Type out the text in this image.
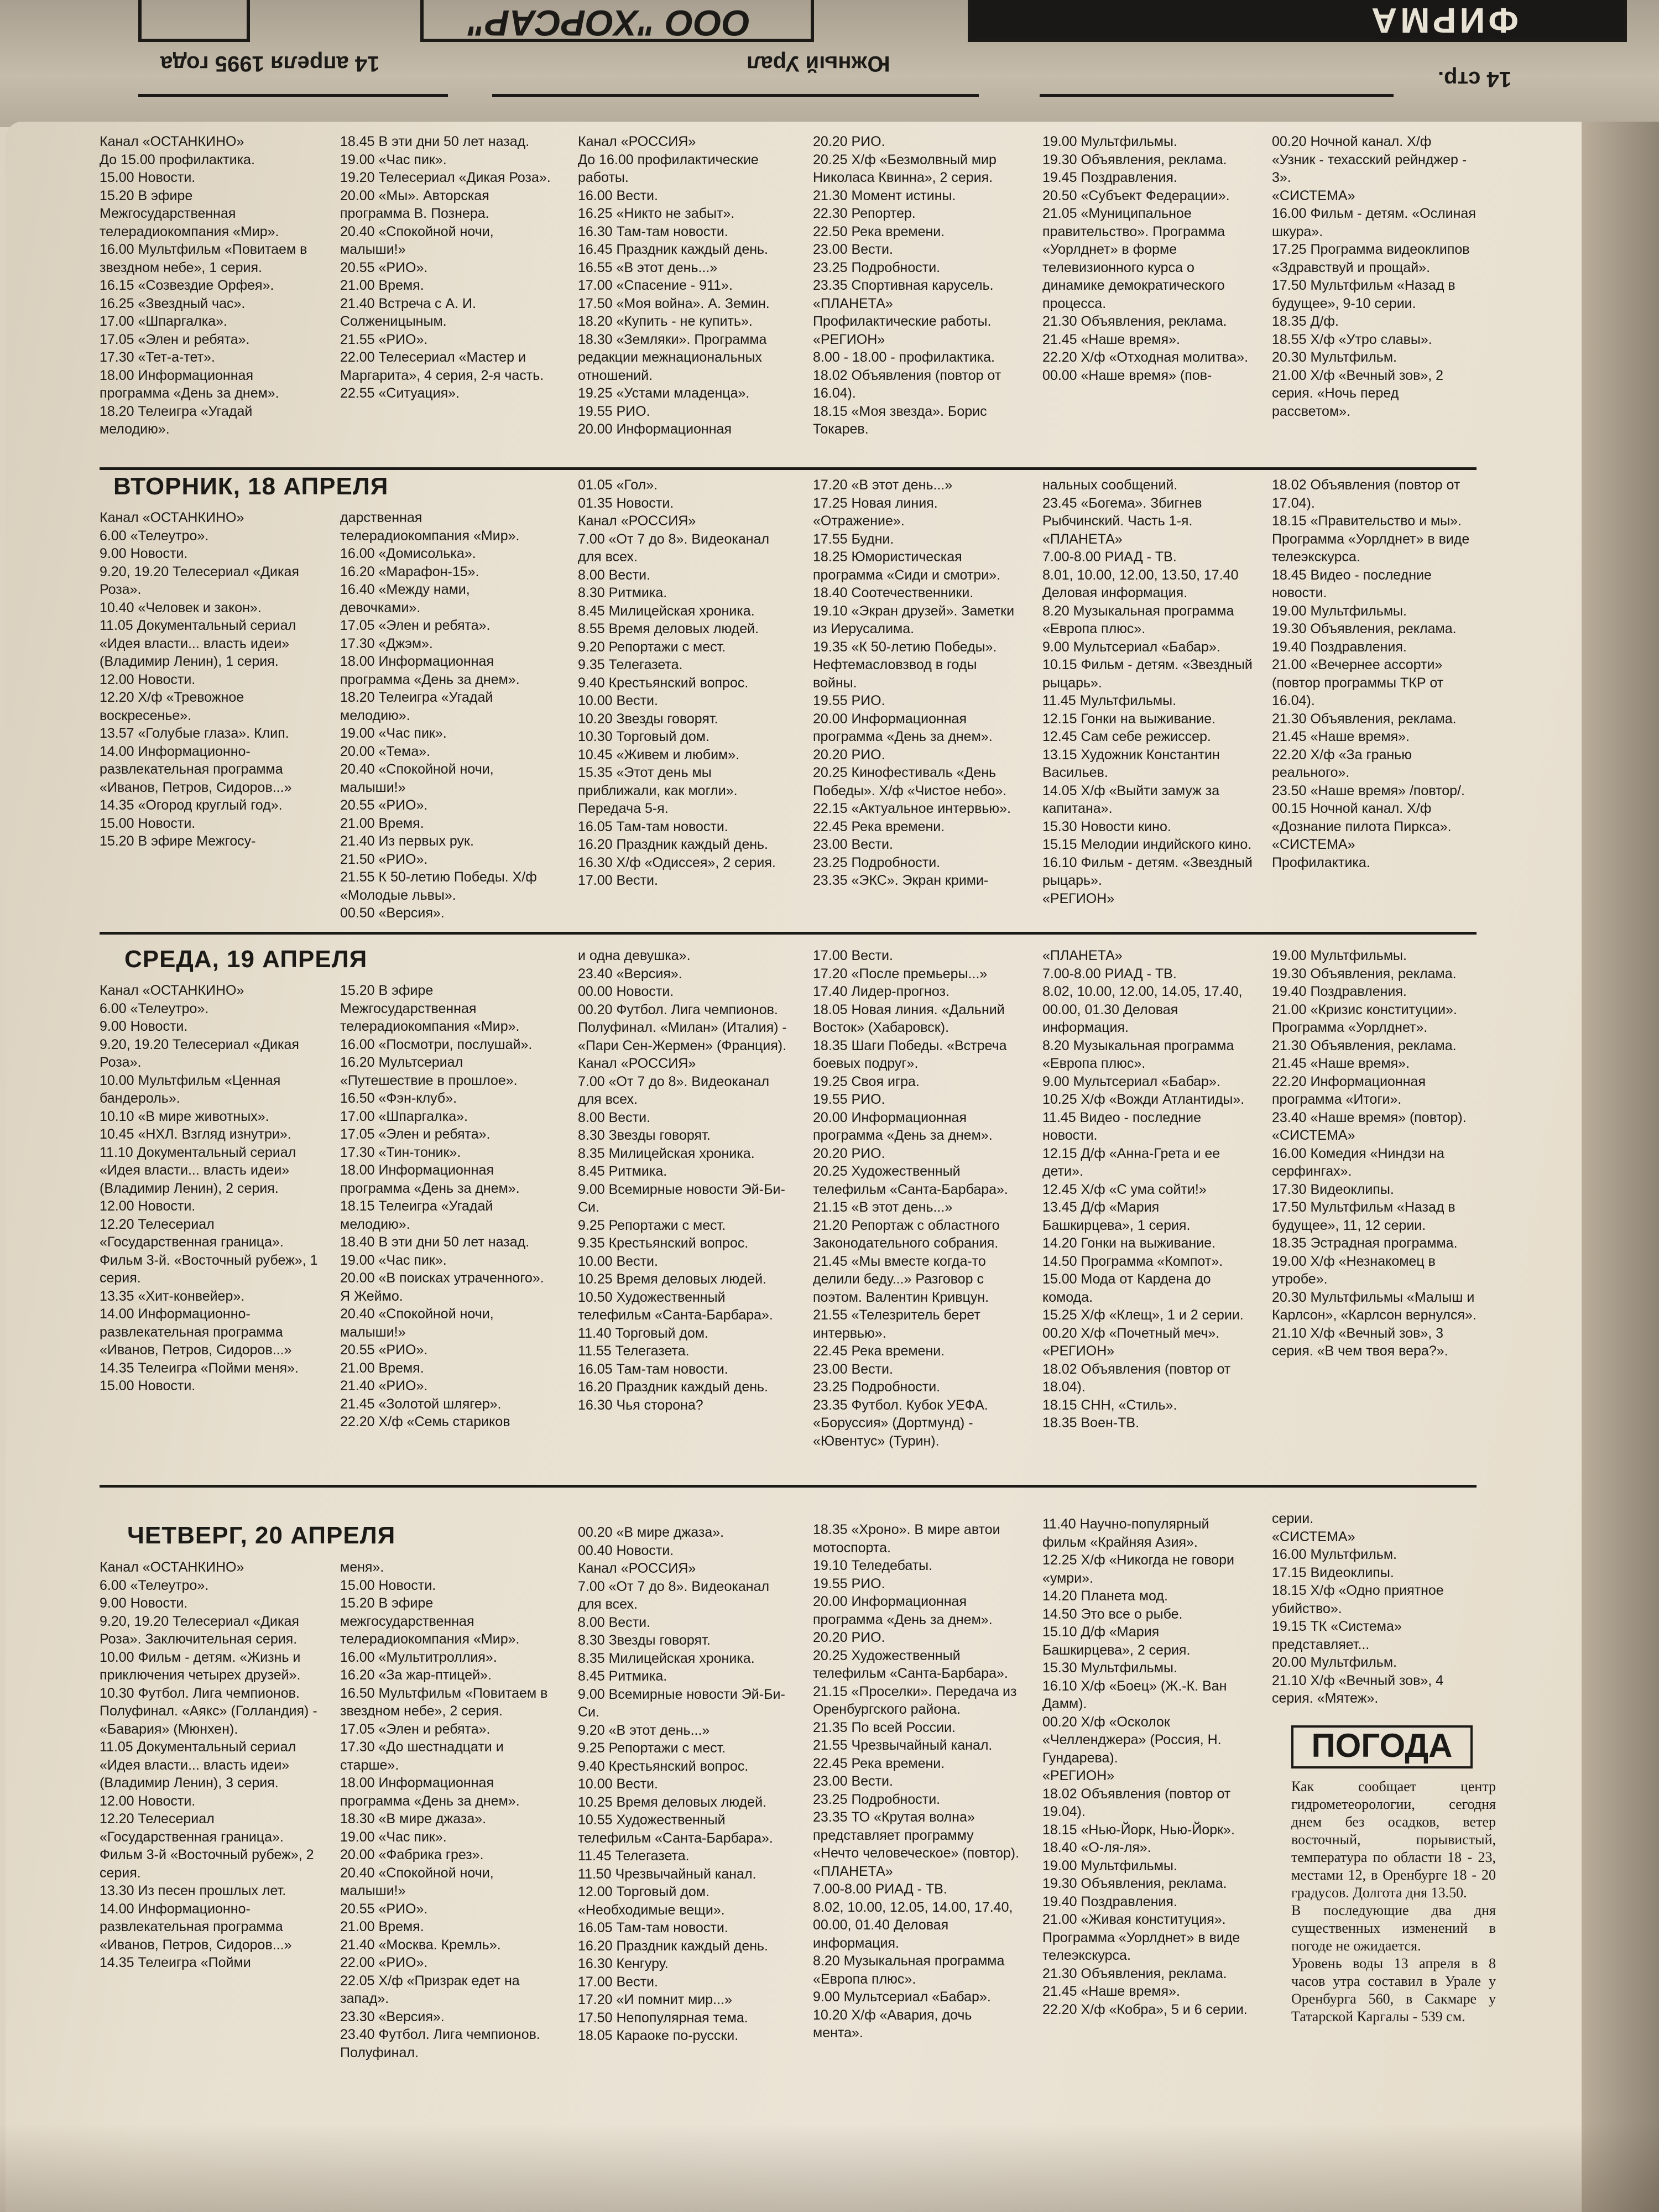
ООО "ХОРСАР"	ФИРМА
14 апреля 1995 года	Южный Урал
14 стр.
Канал «ОСТАНКИНО»
До 15.00 профилактика.
15.00 Новости.
15.20 В эфире Межгосударственная телерадиокомпания «Мир».
16.00 Мультфильм «Повитаем в звездном небе», 1 серия.
16.15 «Созвездие Орфея».
16.25 «Звездный час».
17.00 «Шпаргалка».
17.05 «Элен и ребята».
17.30 «Тет-а-тет».
18.00 Информационная программа «День за днем».
18.20 Телеигра «Угадай мелодию».
18.45 В эти дни 50 лет назад.
19.00 «Час пик».
19.20 Телесериал «Дикая Роза».
20.00 «Мы». Авторская программа В. Познера.
20.40 «Спокойной ночи, малыши!»
20.55 «РИО».
21.00 Время.
21.40 Встреча с А. И. Солженицыным.
21.55 «РИО».
22.00 Телесериал «Мастер и Маргарита», 4 серия, 2-я часть.
22.55 «Ситуация».
Канал «РОССИЯ»
До 16.00 профилактические работы.
16.00 Вести.
16.25 «Никто не забыт».
16.30 Там-там новости.
16.45 Праздник каждый день.
16.55 «В этот день...»
17.00 «Спасение - 911».
17.50 «Моя война». А. Земин.
18.20 «Купить - не купить».
18.30 «Земляки». Программа редакции межнациональных отношений.
19.25 «Устами младенца».
19.55 РИО.
20.00 Информационная
20.20 РИО.
20.25 Х/ф «Безмолвный мир Николаса Квинна», 2 серия.
21.30 Момент истины.
22.30 Репортер.
22.50 Река времени.
23.00 Вести.
23.25 Подробности.
23.35 Спортивная карусель.
«ПЛАНЕТА»
Профилактические работы.
«РЕГИОН»
8.00 - 18.00 - профилактика.
18.02 Объявления (повтор от 16.04).
18.15 «Моя звезда». Борис Токарев.
19.00 Мультфильмы.
19.30 Объявления, реклама.
19.45 Поздравления.
20.50 «Субъект Федерации».
21.05 «Муниципальное правительство». Программа «Уорлднет» в форме телевизионного курса о динамике демократического процесса.
21.30 Объявления, реклама.
21.45 «Наше время».
22.20 Х/ф «Отходная молитва».
00.00 «Наше время» (пов-
00.20 Ночной канал. Х/ф «Узник - техасский рейнджер - 3».
«СИСТЕМА»
16.00 Фильм - детям. «Ослиная шкура».
17.25 Программа видеоклипов «Здравствуй и прощай».
17.50 Мультфильм «Назад в будущее», 9-10 серии.
18.35 Д/ф.
18.55 Х/ф «Утро славы».
20.30 Мультфильм.
21.00 Х/ф «Вечный зов», 2 серия. «Ночь перед рассветом».
ВТОРНИК, 18 АПРЕЛЯ
Канал «ОСТАНКИНО»
6.00 «Телеутро».
9.00 Новости.
9.20, 19.20 Телесериал «Дикая Роза».
10.40 «Человек и закон».
11.05 Документальный сериал «Идея власти... власть идеи» (Владимир Ленин), 1 серия.
12.00 Новости.
12.20 Х/ф «Тревожное воскресенье».
13.57 «Голубые глаза». Клип.
14.00 Информационно-развлекательная программа «Иванов, Петров, Сидоров...»
14.35 «Огород круглый год».
15.00 Новости.
15.20 В эфире Межгосу-
дарственная телерадиокомпания «Мир».
16.00 «Домисолька».
16.20 «Марафон-15».
16.40 «Между нами, девочками».
17.05 «Элен и ребята».
17.30 «Джэм».
18.00 Информационная программа «День за днем».
18.20 Телеигра «Угадай мелодию».
19.00 «Час пик».
20.00 «Тема».
20.40 «Спокойной ночи, малыши!»
20.55 «РИО».
21.00 Время.
21.40 Из первых рук.
21.50 «РИО».
21.55 К 50-летию Победы. Х/ф «Молодые львы».
00.50 «Версия».
01.05 «Гол».
01.35 Новости.
Канал «РОССИЯ»
7.00 «От 7 до 8». Видеоканал для всех.
8.00 Вести.
8.30 Ритмика.
8.45 Милицейская хроника.
8.55 Время деловых людей.
9.20 Репортажи с мест.
9.35 Телегазета.
9.40 Крестьянский вопрос.
10.00 Вести.
10.20 Звезды говорят.
10.30 Торговый дом.
10.45 «Живем и любим».
15.35 «Этот день мы приближали, как могли». Передача 5-я.
16.05 Там-там новости.
16.20 Праздник каждый день.
16.30 Х/ф «Одиссея», 2 серия.
17.00 Вести.
17.20 «В этот день...»
17.25 Новая линия. «Отражение».
17.55 Будни.
18.25 Юмористическая программа «Сиди и смотри».
18.40 Соотечественники.
19.10 «Экран друзей». Заметки из Иерусалима.
19.35 «К 50-летию Победы». Нефтемасловзвод в годы войны.
19.55 РИО.
20.00 Информационная программа «День за днем».
20.20 РИО.
20.25 Кинофестиваль «День Победы». Х/ф «Чистое небо».
22.15 «Актуальное интервью».
22.45 Река времени.
23.00 Вести.
23.25 Подробности.
23.35 «ЭКС». Экран крими-
нальных сообщений.
23.45 «Богема». Збигнев Рыбчинский. Часть 1-я.
«ПЛАНЕТА»
7.00-8.00 РИАД - ТВ.
8.01, 10.00, 12.00, 13.50, 17.40 Деловая информация.
8.20 Музыкальная программа «Европа плюс».
9.00 Мультсериал «Бабар».
10.15 Фильм - детям. «Звездный рыцарь».
11.45 Мультфильмы.
12.15 Гонки на выживание.
12.45 Сам себе режиссер.
13.15 Художник Константин Васильев.
14.05 Х/ф «Выйти замуж за капитана».
15.30 Новости кино.
15.15 Мелодии индийского кино.
16.10 Фильм - детям. «Звездный рыцарь».
«РЕГИОН»
18.02 Объявления (повтор от 17.04).
18.15 «Правительство и мы». Программа «Уорлднет» в виде телеэкскурса.
18.45 Видео - последние новости.
19.00 Мультфильмы.
19.30 Объявления, реклама.
19.40 Поздравления.
21.00 «Вечернее ассорти» (повтор программы ТКР от 16.04).
21.30 Объявления, реклама.
21.45 «Наше время».
22.20 Х/ф «За гранью реального».
23.50 «Наше время» /повтор/.
00.15 Ночной канал. Х/ф «Дознание пилота Пиркса».
«СИСТЕМА»
Профилактика.
СРЕДА, 19 АПРЕЛЯ
Канал «ОСТАНКИНО»
6.00 «Телеутро».
9.00 Новости.
9.20, 19.20 Телесериал «Дикая Роза».
10.00 Мультфильм «Ценная бандероль».
10.10 «В мире животных».
10.45 «НХЛ. Взгляд изнутри».
11.10 Документальный сериал «Идея власти... власть идеи» (Владимир Ленин), 2 серия.
12.00 Новости.
12.20 Телесериал «Государственная граница». Фильм 3-й. «Восточный рубеж», 1 серия.
13.35 «Хит-конвейер».
14.00 Информационно-развлекательная программа «Иванов, Петров, Сидоров...»
14.35 Телеигра «Пойми меня».
15.00 Новости.
15.20 В эфире Межгосударственная телерадиокомпания «Мир».
16.00 «Посмотри, послушай».
16.20 Мультсериал «Путешествие в прошлое».
16.50 «Фэн-клуб».
17.00 «Шпаргалка».
17.05 «Элен и ребята».
17.30 «Тин-тоник».
18.00 Информационная программа «День за днем».
18.15 Телеигра «Угадай мелодию».
18.40 В эти дни 50 лет назад.
19.00 «Час пик».
20.00 «В поисках утраченного». Я Жеймо.
20.40 «Спокойной ночи, малыши!»
20.55 «РИО».
21.00 Время.
21.40 «РИО».
21.45 «Золотой шлягер».
22.20 Х/ф «Семь стариков
и одна девушка».
23.40 «Версия».
00.00 Новости.
00.20 Футбол. Лига чемпионов. Полуфинал. «Милан» (Италия) - «Пари Сен-Жермен» (Франция).
Канал «РОССИЯ»
7.00 «От 7 до 8». Видеоканал для всех.
8.00 Вести.
8.30 Звезды говорят.
8.35 Милицейская хроника.
8.45 Ритмика.
9.00 Всемирные новости Эй-Би-Си.
9.25 Репортажи с мест.
9.35 Крестьянский вопрос.
10.00 Вести.
10.25 Время деловых людей.
10.50 Художественный телефильм «Санта-Барбара».
11.40 Торговый дом.
11.55 Телегазета.
16.05 Там-там новости.
16.20 Праздник каждый день.
16.30 Чья сторона?
17.00 Вести.
17.20 «После премьеры...»
17.40 Лидер-прогноз.
18.05 Новая линия. «Дальний Восток» (Хабаровск).
18.35 Шаги Победы. «Встреча боевых подруг».
19.25 Своя игра.
19.55 РИО.
20.00 Информационная программа «День за днем».
20.20 РИО.
20.25 Художественный телефильм «Санта-Барбара».
21.15 «В этот день...»
21.20 Репортаж с областного Законодательного собрания.
21.45 «Мы вместе когда-то делили беду...» Разговор с поэтом. Валентин Кривцун.
21.55 «Телезритель берет интервью».
22.45 Река времени.
23.00 Вести.
23.25 Подробности.
23.35 Футбол. Кубок УЕФА. «Боруссия» (Дортмунд) - «Ювентус» (Турин).
«ПЛАНЕТА»
7.00-8.00 РИАД - ТВ.
8.02, 10.00, 12.00, 14.05, 17.40, 00.00, 01.30 Деловая информация.
8.20 Музыкальная программа «Европа плюс».
9.00 Мультсериал «Бабар».
10.25 Х/ф «Вожди Атлантиды».
11.45 Видео - последние новости.
12.15 Д/ф «Анна-Грета и ее дети».
12.45 Х/ф «С ума сойти!»
13.45 Д/ф «Мария Башкирцева», 1 серия.
14.20 Гонки на выживание.
14.50 Программа «Компот».
15.00 Мода от Кардена до комода.
15.25 Х/ф «Клещ», 1 и 2 серии.
00.20 Х/ф «Почетный меч».
«РЕГИОН»
18.02 Объявления (повтор от 18.04).
18.15 СНН, «Стиль».
18.35 Воен-ТВ.
19.00 Мультфильмы.
19.30 Объявления, реклама.
19.40 Поздравления.
21.00 «Кризис конституции». Программа «Уорлднет».
21.30 Объявления, реклама.
21.45 «Наше время».
22.20 Информационная программа «Итоги».
23.40 «Наше время» (повтор).
«СИСТЕМА»
16.00 Комедия «Ниндзи на серфингах».
17.30 Видеоклипы.
17.50 Мультфильм «Назад в будущее», 11, 12 серии.
18.35 Эстрадная программа.
19.00 Х/ф «Незнакомец в утробе».
20.30 Мультфильмы «Малыш и Карлсон», «Карлсон вернулся».
21.10 Х/ф «Вечный зов», 3 серия. «В чем твоя вера?».
ЧЕТВЕРГ, 20 АПРЕЛЯ
Канал «ОСТАНКИНО»
6.00 «Телеутро».
9.00 Новости.
9.20, 19.20 Телесериал «Дикая Роза». Заключительная серия.
10.00 Фильм - детям. «Жизнь и приключения четырех друзей».
10.30 Футбол. Лига чемпионов. Полуфинал. «Аякс» (Голландия) - «Бавария» (Мюнхен).
11.05 Документальный сериал «Идея власти... власть идеи» (Владимир Ленин), 3 серия.
12.00 Новости.
12.20 Телесериал «Государственная граница». Фильм 3-й «Восточный рубеж», 2 серия.
13.30 Из песен прошлых лет.
14.00 Информационно-развлекательная программа «Иванов, Петров, Сидоров...»
14.35 Телеигра «Пойми
меня».
15.00 Новости.
15.20 В эфире межгосударственная телерадиокомпания «Мир».
16.00 «Мультитроллия».
16.20 «За жар-птицей».
16.50 Мультфильм «Повитаем в звездном небе», 2 серия.
17.05 «Элен и ребята».
17.30 «До шестнадцати и старше».
18.00 Информационная программа «День за днем».
18.30 «В мире джаза».
19.00 «Час пик».
20.00 «Фабрика грез».
20.40 «Спокойной ночи, малыши!»
20.55 «РИО».
21.00 Время.
21.40 «Москва. Кремль».
22.00 «РИО».
22.05 Х/ф «Призрак едет на запад».
23.30 «Версия».
23.40 Футбол. Лига чемпионов. Полуфинал.
00.20 «В мире джаза».
00.40 Новости.
Канал «РОССИЯ»
7.00 «От 7 до 8». Видеоканал для всех.
8.00 Вести.
8.30 Звезды говорят.
8.35 Милицейская хроника.
8.45 Ритмика.
9.00 Всемирные новости Эй-Би-Си.
9.20 «В этот день...»
9.25 Репортажи с мест.
9.40 Крестьянский вопрос.
10.00 Вести.
10.25 Время деловых людей.
10.55 Художественный телефильм «Санта-Барбара».
11.45 Телегазета.
11.50 Чрезвычайный канал.
12.00 Торговый дом. «Необходимые вещи».
16.05 Там-там новости.
16.20 Праздник каждый день.
16.30 Кенгуру.
17.00 Вести.
17.20 «И помнит мир...»
17.50 Непопулярная тема.
18.05 Караоке по-русски.
18.35 «Хроно». В мире автои мотоспорта.
19.10 Теледебаты.
19.55 РИО.
20.00 Информационная программа «День за днем».
20.20 РИО.
20.25 Художественный телефильм «Санта-Барбара».
21.15 «Проселки». Передача из Оренбургского района.
21.35 По всей России.
21.55 Чрезвычайный канал.
22.45 Река времени.
23.00 Вести.
23.25 Подробности.
23.35 ТО «Крутая волна» представляет программу «Нечто человеческое» (повтор).
«ПЛАНЕТА»
7.00-8.00 РИАД - ТВ.
8.02, 10.00, 12.05, 14.00, 17.40, 00.00, 01.40 Деловая информация.
8.20 Музыкальная программа «Европа плюс».
9.00 Мультсериал «Бабар».
10.20 Х/ф «Авария, дочь мента».
11.40 Научно-популярный фильм «Крайняя Азия».
12.25 Х/ф «Никогда не говори «умри».
14.20 Планета мод.
14.50 Это все о рыбе.
15.10 Д/ф «Мария Башкирцева», 2 серия.
15.30 Мультфильмы.
16.10 Х/ф «Боец» (Ж.-К. Ван Дамм).
00.20 Х/ф «Осколок «Челленджера» (Россия, Н. Гундарева).
«РЕГИОН»
18.02 Объявления (повтор от 19.04).
18.15 «Нью-Йорк, Нью-Йорк».
18.40 «О-ля-ля».
19.00 Мультфильмы.
19.30 Объявления, реклама.
19.40 Поздравления.
21.00 «Живая конституция». Программа «Уорлднет» в виде телеэкскурса.
21.30 Объявления, реклама.
21.45 «Наше время».
22.20 Х/ф «Кобра», 5 и 6 серии.
серии.
«СИСТЕМА»
16.00 Мультфильм.
17.15 Видеоклипы.
18.15 Х/ф «Одно приятное убийство».
19.15 ТК «Система» представляет...
20.00 Мультфильм.
21.10 Х/ф «Вечный зов», 4 серия. «Мятеж».
ПОГОДА
Как сообщает центр гидрометеорологии, сегодня днем без осадков, ветер восточный, порывистый, температура по области 18 - 23, местами 12, в Оренбурге 18 - 20 градусов. Долгота дня 13.50.
В последующие два дня существенных изменений в погоде не ожидается.
Уровень воды 13 апреля в 8 часов утра составил в Урале у Оренбурга 560, в Сакмаре у Татарской Каргалы - 539 см.
